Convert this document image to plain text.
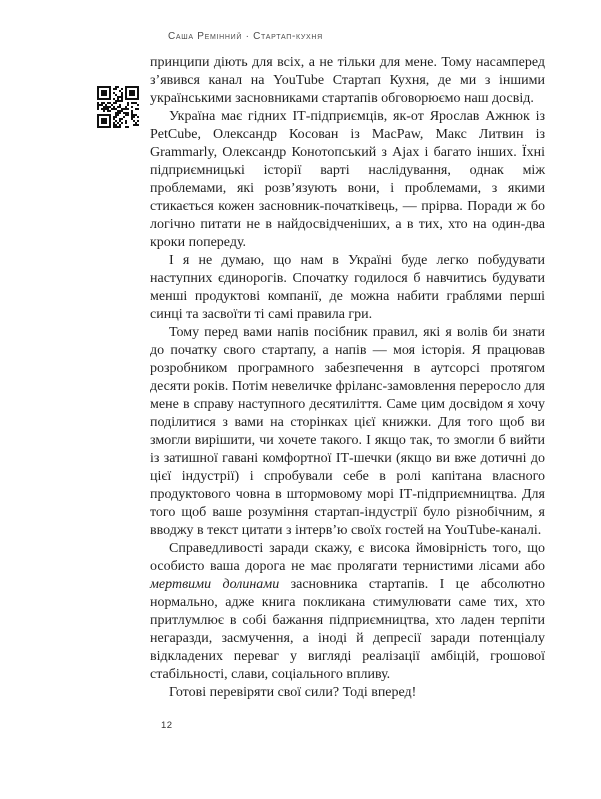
Саша Ремінний · Стартап-кухня

принципи діють для всіх, а не тільки для мене. Тому насамперед з’явився канал на YouTube Стартап Кухня, де ми з іншими українськими засновниками стартапів обговорюємо наш досвід.

Україна має гідних ІТ-підприємців, як-от Ярослав Ажнюк із PetCube, Олександр Косован із MacPaw, Макс Литвин із Grammarly, Олександр Конотопський з Ajax і багато інших. Їхні підприємницькі історії варті наслідування, однак між проблемами, які розв’язують вони, і проблемами, з якими стикається кожен засновник-початківець, — прірва. Поради ж бо логічно питати не в найдосвідченіших, а в тих, хто на один-два кроки попереду.

І я не думаю, що нам в Україні буде легко побудувати наступних єдинорогів. Спочатку годилося б навчитись будувати менші продуктові компанії, де можна набити граблями перші синці та засвоїти ті самі правила гри.

Тому перед вами напів посібник правил, які я волів би знати до початку свого стартапу, а напів — моя історія. Я працював розробником програмного забезпечення в аутсорсі протягом десяти років. Потім невеличке фріланс-замовлення переросло для мене в справу наступного десятиліття. Саме цим досвідом я хочу поділитися з вами на сторінках цієї книжки. Для того щоб ви змогли вирішити, чи хочете такого. І якщо так, то змогли б вийти із затишної гавані комфортної ІТ-шечки (якщо ви вже дотичні до цієї індустрії) і спробували себе в ролі капітана власного продуктового човна в штормовому морі ІТ-підприємництва. Для того щоб ваше розуміння стартап-індустрії було різнобічним, я вводжу в текст цитати з інтерв’ю своїх гостей на YouTube-каналі.

Справедливості заради скажу, є висока ймовірність того, що особисто ваша дорога не має пролягати тернистими лісами або мертвими долинами засновника стартапів. І це абсолютно нормально, адже книга покликана стимулювати саме тих, хто притлумлює в собі бажання підприємництва, хто ладен терпіти негаразди, засмучення, а іноді й депресії заради потенціалу відкладених переваг у вигляді реалізації амбіцій, грошової стабільності, слави, соціального впливу.

Готові перевіряти свої сили? Тоді вперед!

12
